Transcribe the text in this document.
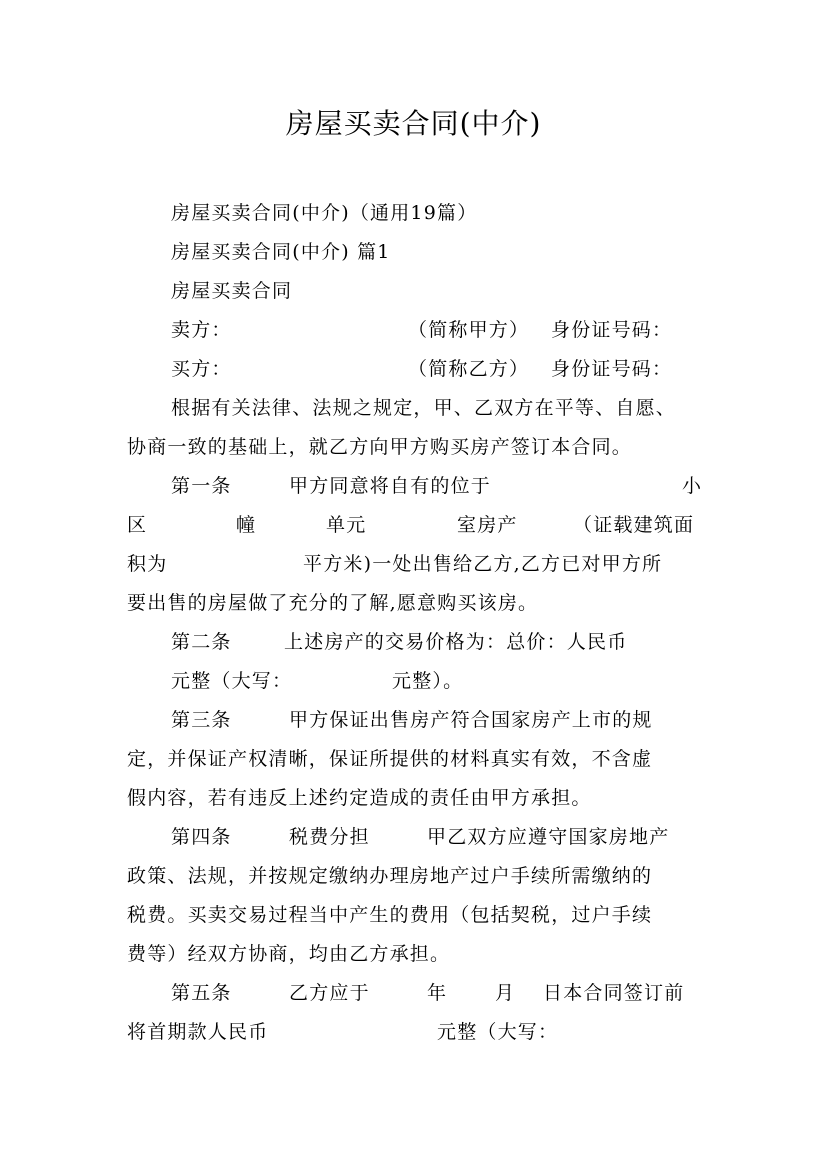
房屋买卖合同(中介)
房屋买卖合同(中介)（通用19篇）
房屋买卖合同(中介) 篇1
房屋买卖合同
卖方：	（简称甲方） 身份证号码：
买方：	（简称乙方） 身份证号码：
根据有关法律、法规之规定，甲、乙双方在平等、自愿、
协商一致的基础上，就乙方向甲方购买房产签订本合同。
第一条	甲方同意将自有的位于	小
区	幢	单元	室房产	（证载建筑面
积为	平方米)一处出售给乙方,乙方已对甲方所
要出售的房屋做了充分的了解,愿意购买该房。
第二条	上述房产的交易价格为：总价：人民币
元整（大写：	元整）。
第三条	甲方保证出售房产符合国家房产上市的规
定，并保证产权清晰，保证所提供的材料真实有效，不含虚
假内容，若有违反上述约定造成的责任由甲方承担。
第四条	税费分担	甲乙双方应遵守国家房地产
政策、法规，并按规定缴纳办理房地产过户手续所需缴纳的
税费。买卖交易过程当中产生的费用（包括契税，过户手续
费等）经双方协商，均由乙方承担。
第五条	乙方应于	年	月 日本合同签订前
将首期款人民币	元整（大写：
